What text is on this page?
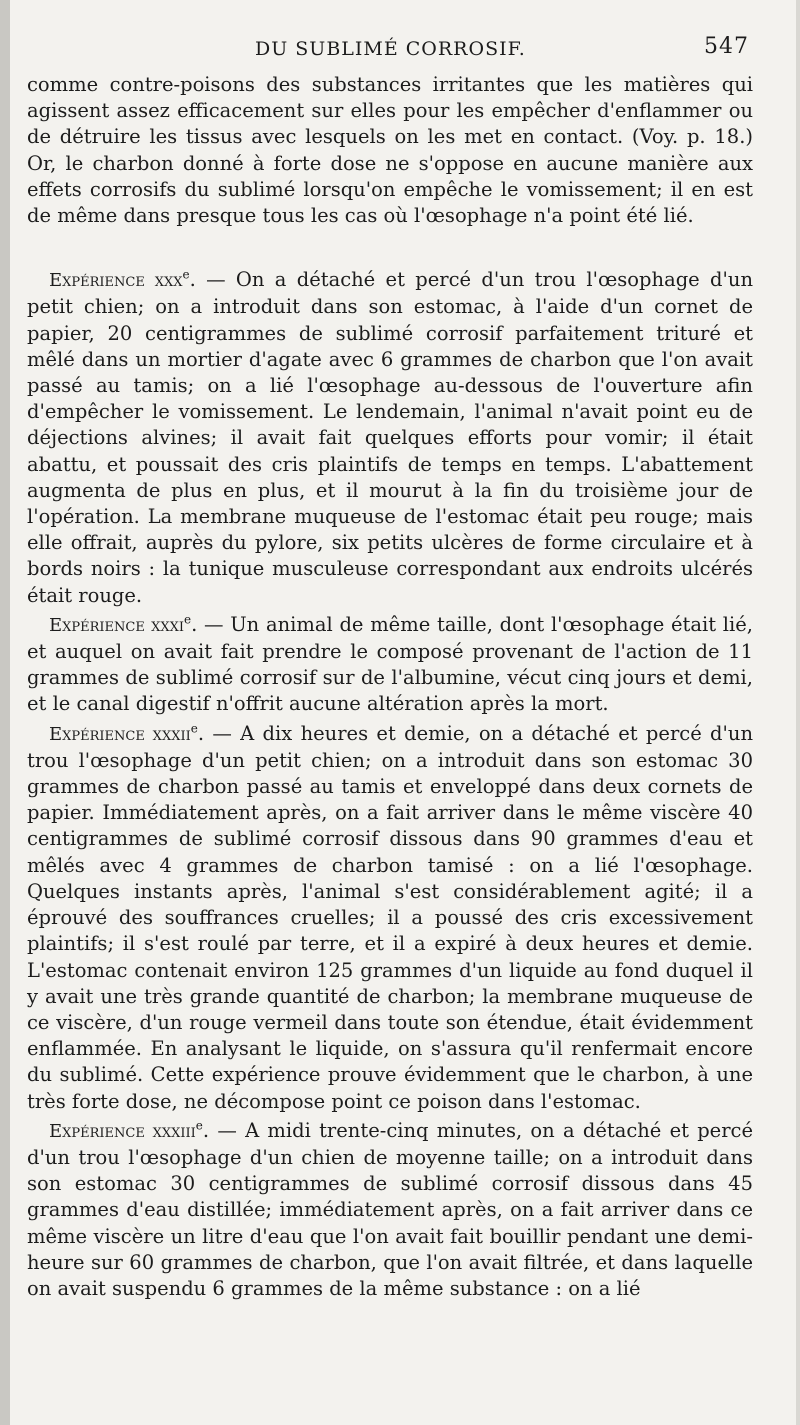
DU SUBLIMÉ CORROSIF.	547

comme contre-poisons des substances irritantes que les matières qui agissent assez efficacement sur elles pour les empêcher d'enflammer ou de détruire les tissus avec lesquels on les met en contact. (Voy. p. 18.) Or, le charbon donné à forte dose ne s'oppose en aucune manière aux effets corrosifs du sublimé lorsqu'on empêche le vomissement; il en est de même dans presque tous les cas où l'œsophage n'a point été lié.

Expérience xxx$^e$. — On a détaché et percé d'un trou l'œsophage d'un petit chien; on a introduit dans son estomac, à l'aide d'un cornet de papier, 20 centigrammes de sublimé corrosif parfaitement trituré et mêlé dans un mortier d'agate avec 6 grammes de charbon que l'on avait passé au tamis; on a lié l'œsophage au-dessous de l'ouverture afin d'empêcher le vomissement. Le lendemain, l'animal n'avait point eu de déjections alvines; il avait fait quelques efforts pour vomir; il était abattu, et poussait des cris plaintifs de temps en temps. L'abattement augmenta de plus en plus, et il mourut à la fin du troisième jour de l'opération. La membrane muqueuse de l'estomac était peu rouge; mais elle offrait, auprès du pylore, six petits ulcères de forme circulaire et à bords noirs : la tunique musculeuse correspondant aux endroits ulcérés était rouge.

Expérience xxxi$^e$. — Un animal de même taille, dont l'œsophage était lié, et auquel on avait fait prendre le composé provenant de l'action de 11 grammes de sublimé corrosif sur de l'albumine, vécut cinq jours et demi, et le canal digestif n'offrit aucune altération après la mort.

Expérience xxxii$^e$. — A dix heures et demie, on a détaché et percé d'un trou l'œsophage d'un petit chien; on a introduit dans son estomac 30 grammes de charbon passé au tamis et enveloppé dans deux cornets de papier. Immédiatement après, on a fait arriver dans le même viscère 40 centigrammes de sublimé corrosif dissous dans 90 grammes d'eau et mêlés avec 4 grammes de charbon tamisé : on a lié l'œsophage. Quelques instants après, l'animal s'est considérablement agité; il a éprouvé des souffrances cruelles; il a poussé des cris excessivement plaintifs; il s'est roulé par terre, et il a expiré à deux heures et demie. L'estomac contenait environ 125 grammes d'un liquide au fond duquel il y avait une très grande quantité de charbon; la membrane muqueuse de ce viscère, d'un rouge vermeil dans toute son étendue, était évidemment enflammée. En analysant le liquide, on s'assura qu'il renfermait encore du sublimé. Cette expérience prouve évidemment que le charbon, à une très forte dose, ne décompose point ce poison dans l'estomac.

Expérience xxxiii$^e$. — A midi trente-cinq minutes, on a détaché et percé d'un trou l'œsophage d'un chien de moyenne taille; on a introduit dans son estomac 30 centigrammes de sublimé corrosif dissous dans 45 grammes d'eau distillée; immédiatement après, on a fait arriver dans ce même viscère un litre d'eau que l'on avait fait bouillir pendant une demi-heure sur 60 grammes de charbon, que l'on avait filtrée, et dans laquelle on avait suspendu 6 grammes de la même substance : on a lié
